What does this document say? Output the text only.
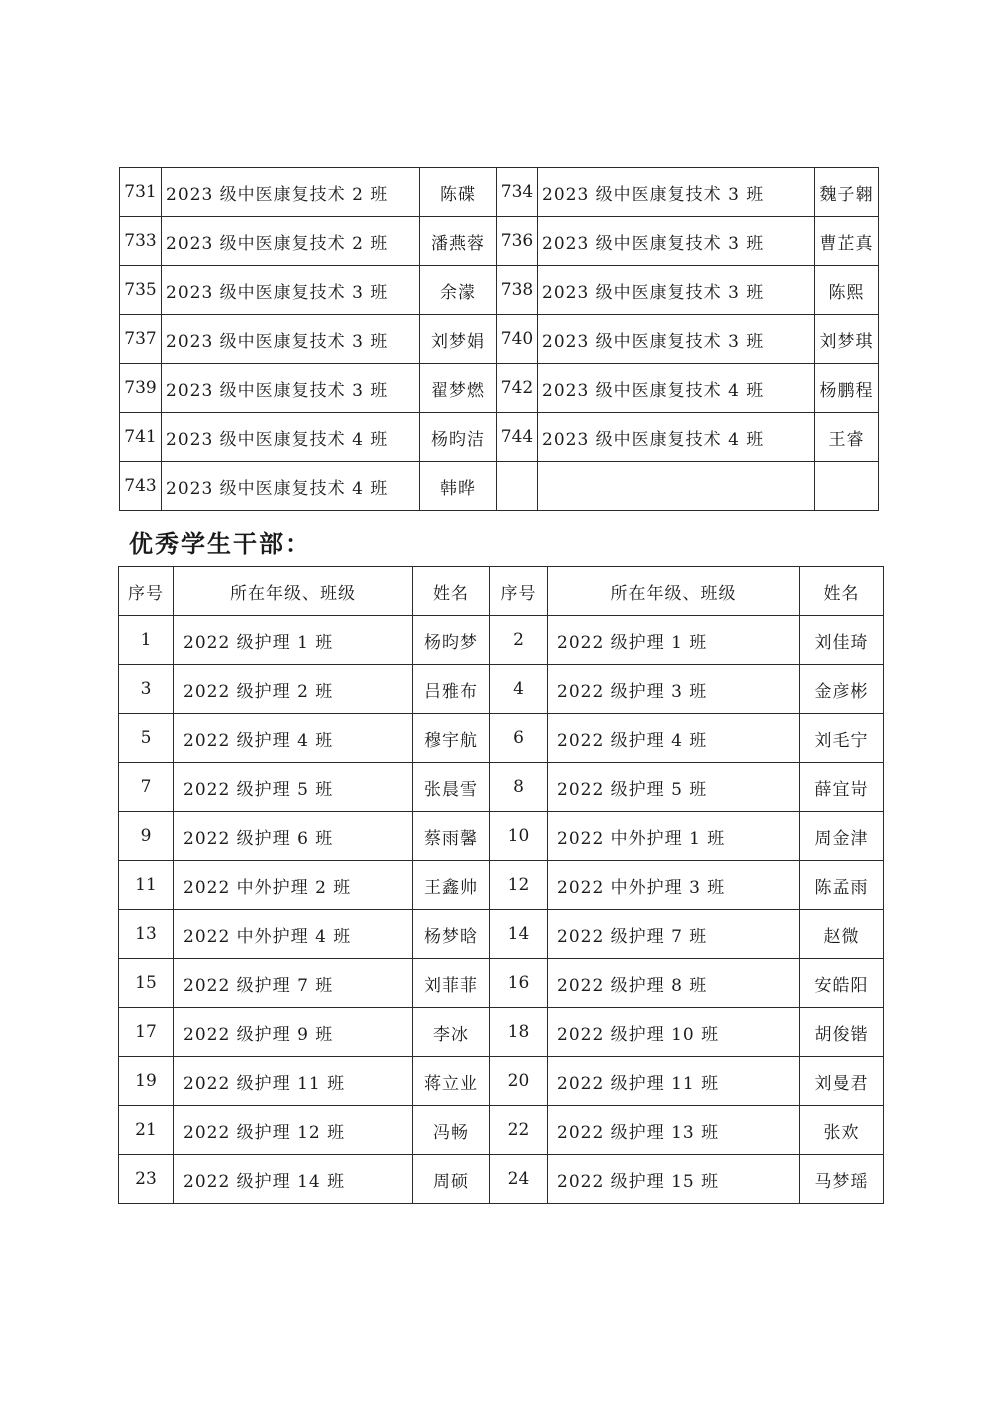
731	2023 级中医康复技术 2 班	陈碟	734	2023 级中医康复技术 3 班	魏子翱
733	2023 级中医康复技术 2 班	潘燕蓉	736	2023 级中医康复技术 3 班	曹芷真
735	2023 级中医康复技术 3 班	余濛	738	2023 级中医康复技术 3 班	陈熙
737	2023 级中医康复技术 3 班	刘梦娟	740	2023 级中医康复技术 3 班	刘梦琪
739	2023 级中医康复技术 3 班	翟梦燃	742	2023 级中医康复技术 4 班	杨鹏程
741	2023 级中医康复技术 4 班	杨昀洁	744	2023 级中医康复技术 4 班	王睿
743	2023 级中医康复技术 4 班	韩晔			
优秀学生干部：
序号	所在年级、班级	姓名	序号	所在年级、班级	姓名
1	2022 级护理 1 班	杨昀梦	2	2022 级护理 1 班	刘佳琦
3	2022 级护理 2 班	吕雅布	4	2022 级护理 3 班	金彦彬
5	2022 级护理 4 班	穆宇航	6	2022 级护理 4 班	刘毛宁
7	2022 级护理 5 班	张晨雪	8	2022 级护理 5 班	薛宜岢
9	2022 级护理 6 班	蔡雨馨	10	2022 中外护理 1 班	周金津
11	2022 中外护理 2 班	王鑫帅	12	2022 中外护理 3 班	陈孟雨
13	2022 中外护理 4 班	杨梦晗	14	2022 级护理 7 班	赵微
15	2022 级护理 7 班	刘菲菲	16	2022 级护理 8 班	安皓阳
17	2022 级护理 9 班	李冰	18	2022 级护理 10 班	胡俊锴
19	2022 级护理 11 班	蒋立业	20	2022 级护理 11 班	刘曼君
21	2022 级护理 12 班	冯畅	22	2022 级护理 13 班	张欢
23	2022 级护理 14 班	周硕	24	2022 级护理 15 班	马梦瑶
